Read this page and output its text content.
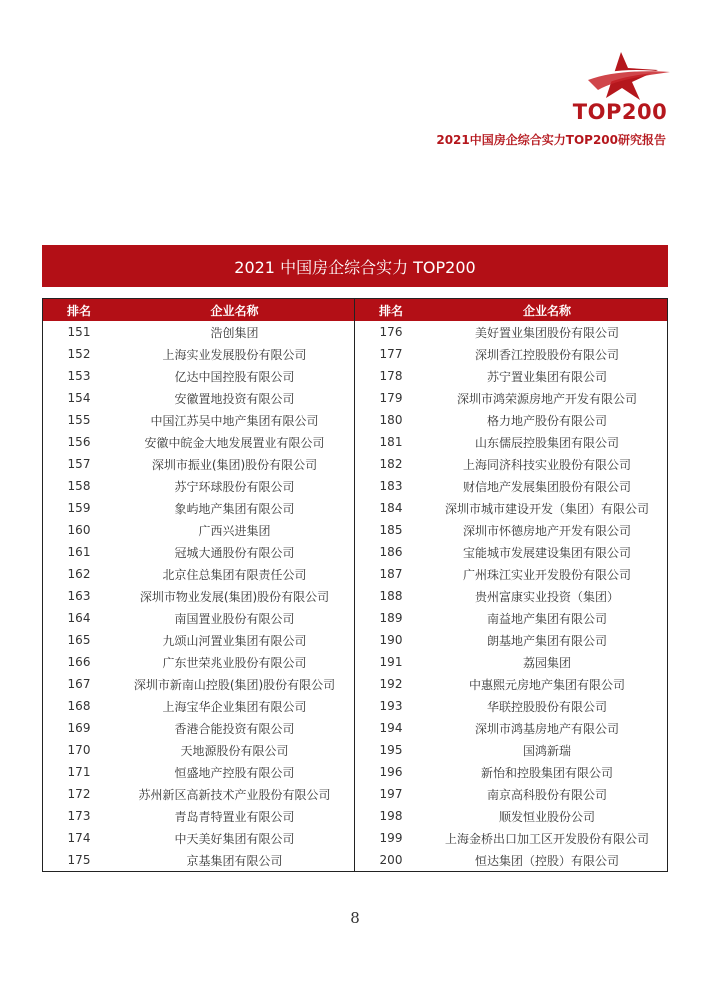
TOP200
2021中国房企综合实力TOP200研究报告
2021 中国房企综合实力 TOP200
排名	企业名称
151	浩创集团
152	上海实业发展股份有限公司
153	亿达中国控股有限公司
154	安徽置地投资有限公司
155	中国江苏吴中地产集团有限公司
156	安徽中皖金大地发展置业有限公司
157	深圳市振业(集团)股份有限公司
158	苏宁环球股份有限公司
159	象屿地产集团有限公司
160	广西兴进集团
161	冠城大通股份有限公司
162	北京住总集团有限责任公司
163	深圳市物业发展(集团)股份有限公司
164	南国置业股份有限公司
165	九颂山河置业集团有限公司
166	广东世荣兆业股份有限公司
167	深圳市新南山控股(集团)股份有限公司
168	上海宝华企业集团有限公司
169	香港合能投资有限公司
170	天地源股份有限公司
171	恒盛地产控股有限公司
172	苏州新区高新技术产业股份有限公司
173	青岛青特置业有限公司
174	中天美好集团有限公司
175	京基集团有限公司
排名	企业名称
176	美好置业集团股份有限公司
177	深圳香江控股股份有限公司
178	苏宁置业集团有限公司
179	深圳市鸿荣源房地产开发有限公司
180	格力地产股份有限公司
181	山东儒辰控股集团有限公司
182	上海同济科技实业股份有限公司
183	财信地产发展集团股份有限公司
184	深圳市城市建设开发（集团）有限公司
185	深圳市怀德房地产开发有限公司
186	宝能城市发展建设集团有限公司
187	广州珠江实业开发股份有限公司
188	贵州富康实业投资（集团）
189	南益地产集团有限公司
190	朗基地产集团有限公司
191	荔园集团
192	中惠熙元房地产集团有限公司
193	华联控股股份有限公司
194	深圳市鸿基房地产有限公司
195	国鸿新瑞
196	新怡和控股集团有限公司
197	南京高科股份有限公司
198	顺发恒业股份公司
199	上海金桥出口加工区开发股份有限公司
200	恒达集团（控股）有限公司
8
